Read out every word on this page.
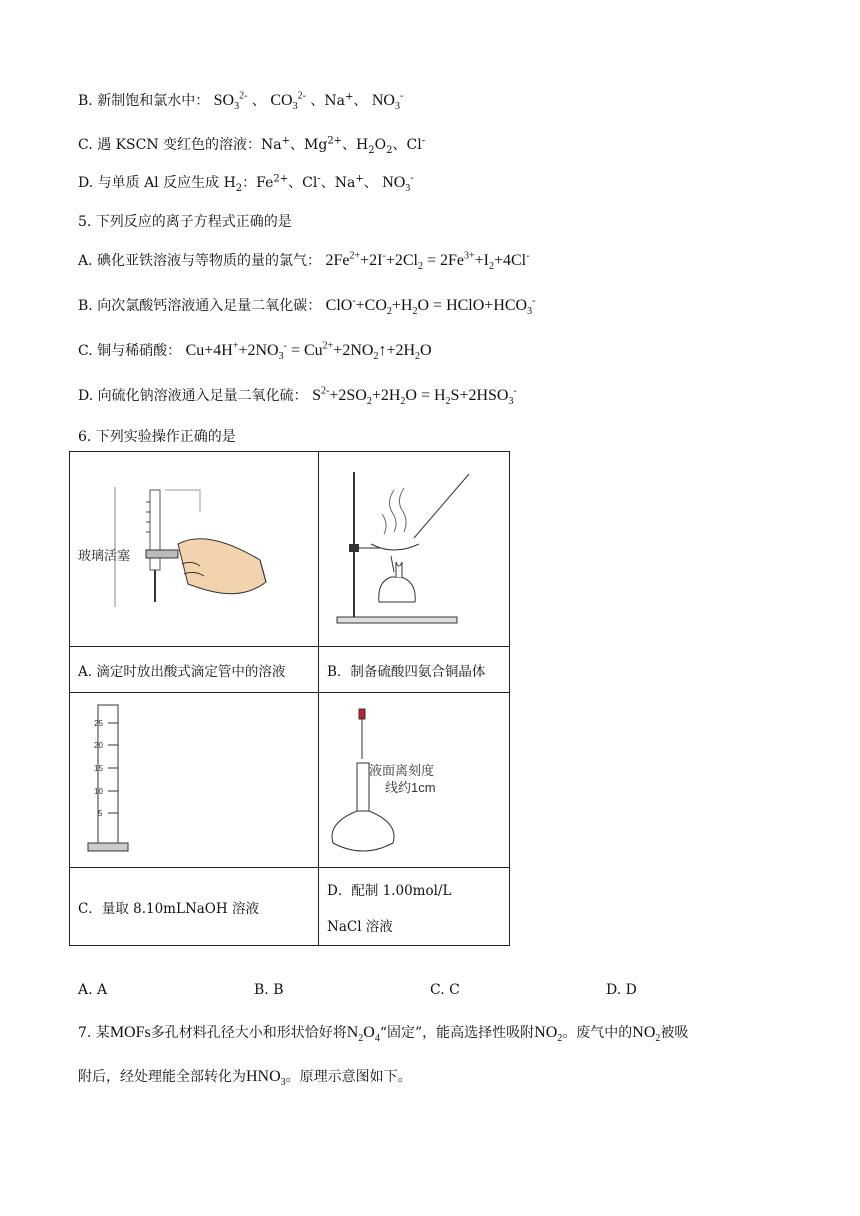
B. 新制饱和氯水中： $SO_3^{2-}$ 、 $CO_3^{2-}$ 、Na+、 $NO_3^-$
C. 遇 KSCN 变红色的溶液：Na+、$Mg^{2+}$、$H_2O_2$、Cl-
D. 与单质 Al 反应生成 $H_2$：$Fe^{2+}$、Cl-、Na+、 $NO_3^-$
5. 下列反应的离子方程式正确的是
A. 碘化亚铁溶液与等物质的量的氯气： $2Fe^{2+}+2I^-+2Cl_2 = 2Fe^{3+}+I_2+4Cl^-$
B. 向次氯酸钙溶液通入足量二氧化碳： $ClO^-+CO_2+H_2O$ = $HClO+HCO_3^-$
C. 铜与稀硝酸： $Cu+4H^++2NO_3^-$ = $Cu^{2+}+2NO_2↑+2H_2O$
D. 向硫化钠溶液通入足量二氧化硫： $S^{2-}+2SO_2+2H_2O = H_2S+2HSO_3^-$
6. 下列实验操作正确的是
玻璃活塞

A. 滴定时放出酸式滴定管中的溶液	B．制备硫酸四氨合铜晶体

25
20
15
10
5	液面离刻度
线约1cm

C．量取 8.10mLNaOH 溶液	D．配制 1.00mol/L
NaCl 溶液
A. A	B. B	C. C	D. D
7. 某MOFs多孔材料孔径大小和形状恰好将$N_2O_4“$固定”，能高选择性吸附$NO_2$。废气中的$NO_2$被吸
附后，经处理能全部转化为$HNO_3$。原理示意图如下。
